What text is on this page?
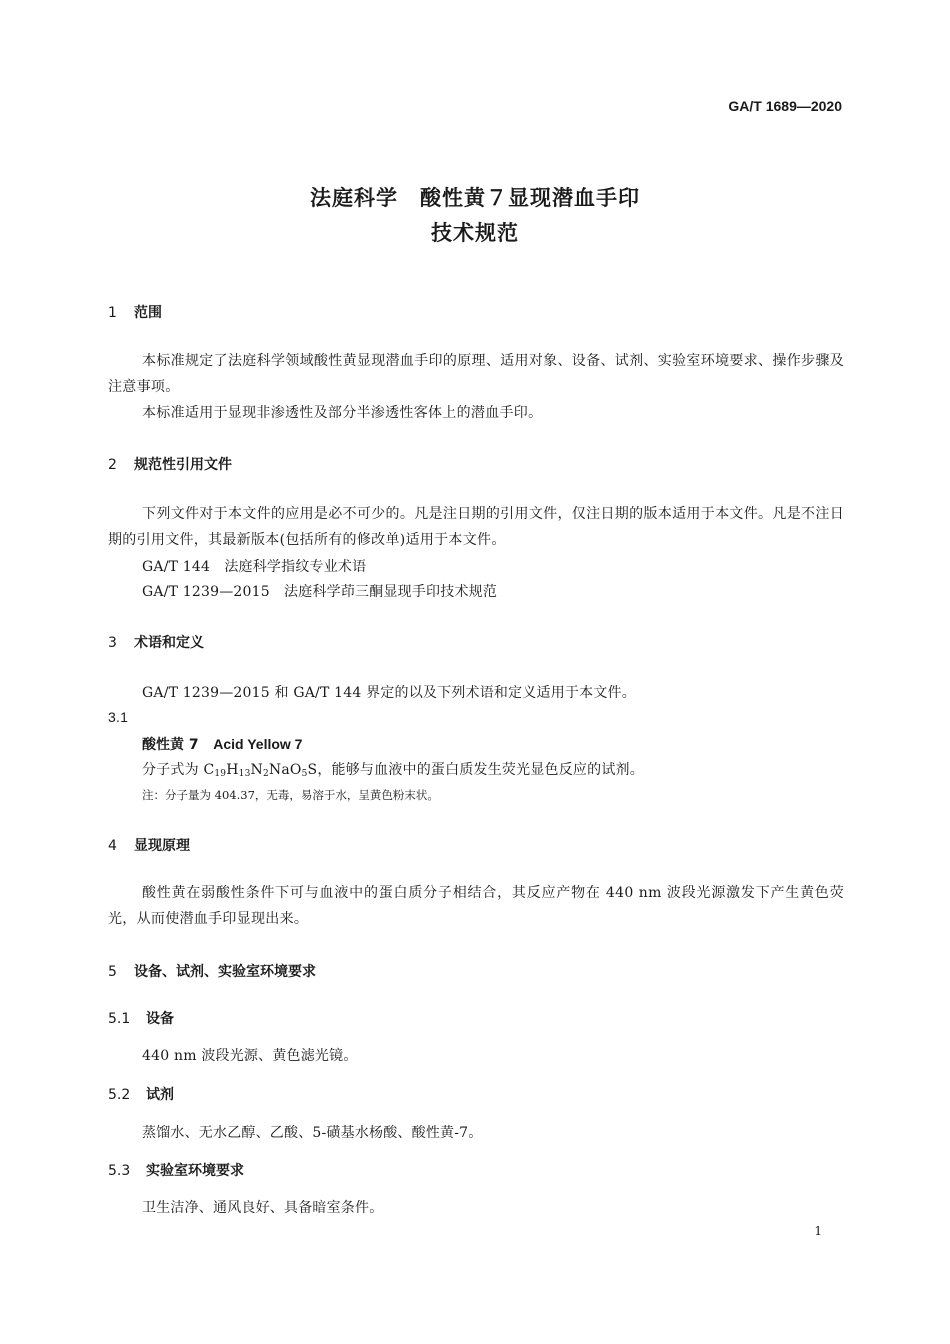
GA/T 1689—2020
法庭科学　酸性黄７显现潜血手印
技术规范
1 范围
本标准规定了法庭科学领域酸性黄显现潜血手印的原理、适用对象、设备、试剂、实验室环境要求、操作步骤及注意事项。
本标准适用于显现非渗透性及部分半渗透性客体上的潜血手印。
2 规范性引用文件
下列文件对于本文件的应用是必不可少的。凡是注日期的引用文件，仅注日期的版本适用于本文件。凡是不注日期的引用文件，其最新版本(包括所有的修改单)适用于本文件。
GA/T 144　法庭科学指纹专业术语
GA/T 1239—2015　法庭科学茚三酮显现手印技术规范
3 术语和定义
GA/T 1239—2015 和 GA/T 144 界定的以及下列术语和定义适用于本文件。
3.1
酸性黄 7 Acid Yellow 7
分子式为 $C_{19}H_{13}N_2NaO_5S$，能够与血液中的蛋白质发生荧光显色反应的试剂。
注：分子量为 404.37，无毒，易溶于水，呈黄色粉末状。
4 显现原理
酸性黄在弱酸性条件下可与血液中的蛋白质分子相结合，其反应产物在 440 nm 波段光源激发下产生黄色荧光，从而使潜血手印显现出来。
5 设备、试剂、实验室环境要求
5.1 设备
440 nm 波段光源、黄色滤光镜。
5.2 试剂
蒸馏水、无水乙醇、乙酸、5-磺基水杨酸、酸性黄-7。
5.3 实验室环境要求
卫生洁净、通风良好、具备暗室条件。
1
